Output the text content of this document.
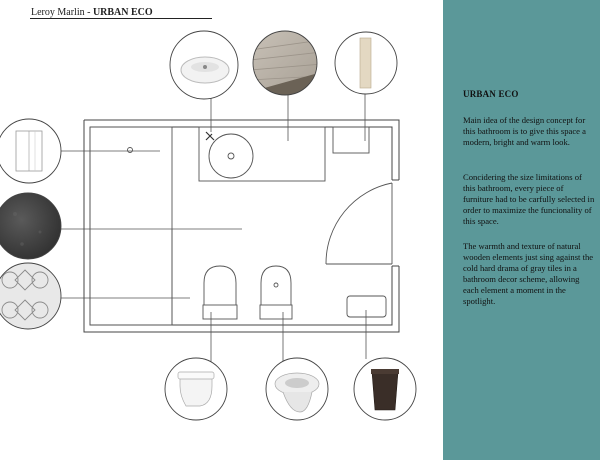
Leroy Marlin - URBAN ECO
URBAN ECO

Main idea of the design concept for this bathroom is to give this space a modern, bright and warm look.

Concidering the size limitations of this bathroom, every piece of furniture had to be carfully selected in order to maximize the funcionality of this space.

The warmth and texture of natural wooden elements just sing against the cold hard drama of gray tiles in a bathroom decor scheme, allowing each element a moment in the spotlight.
